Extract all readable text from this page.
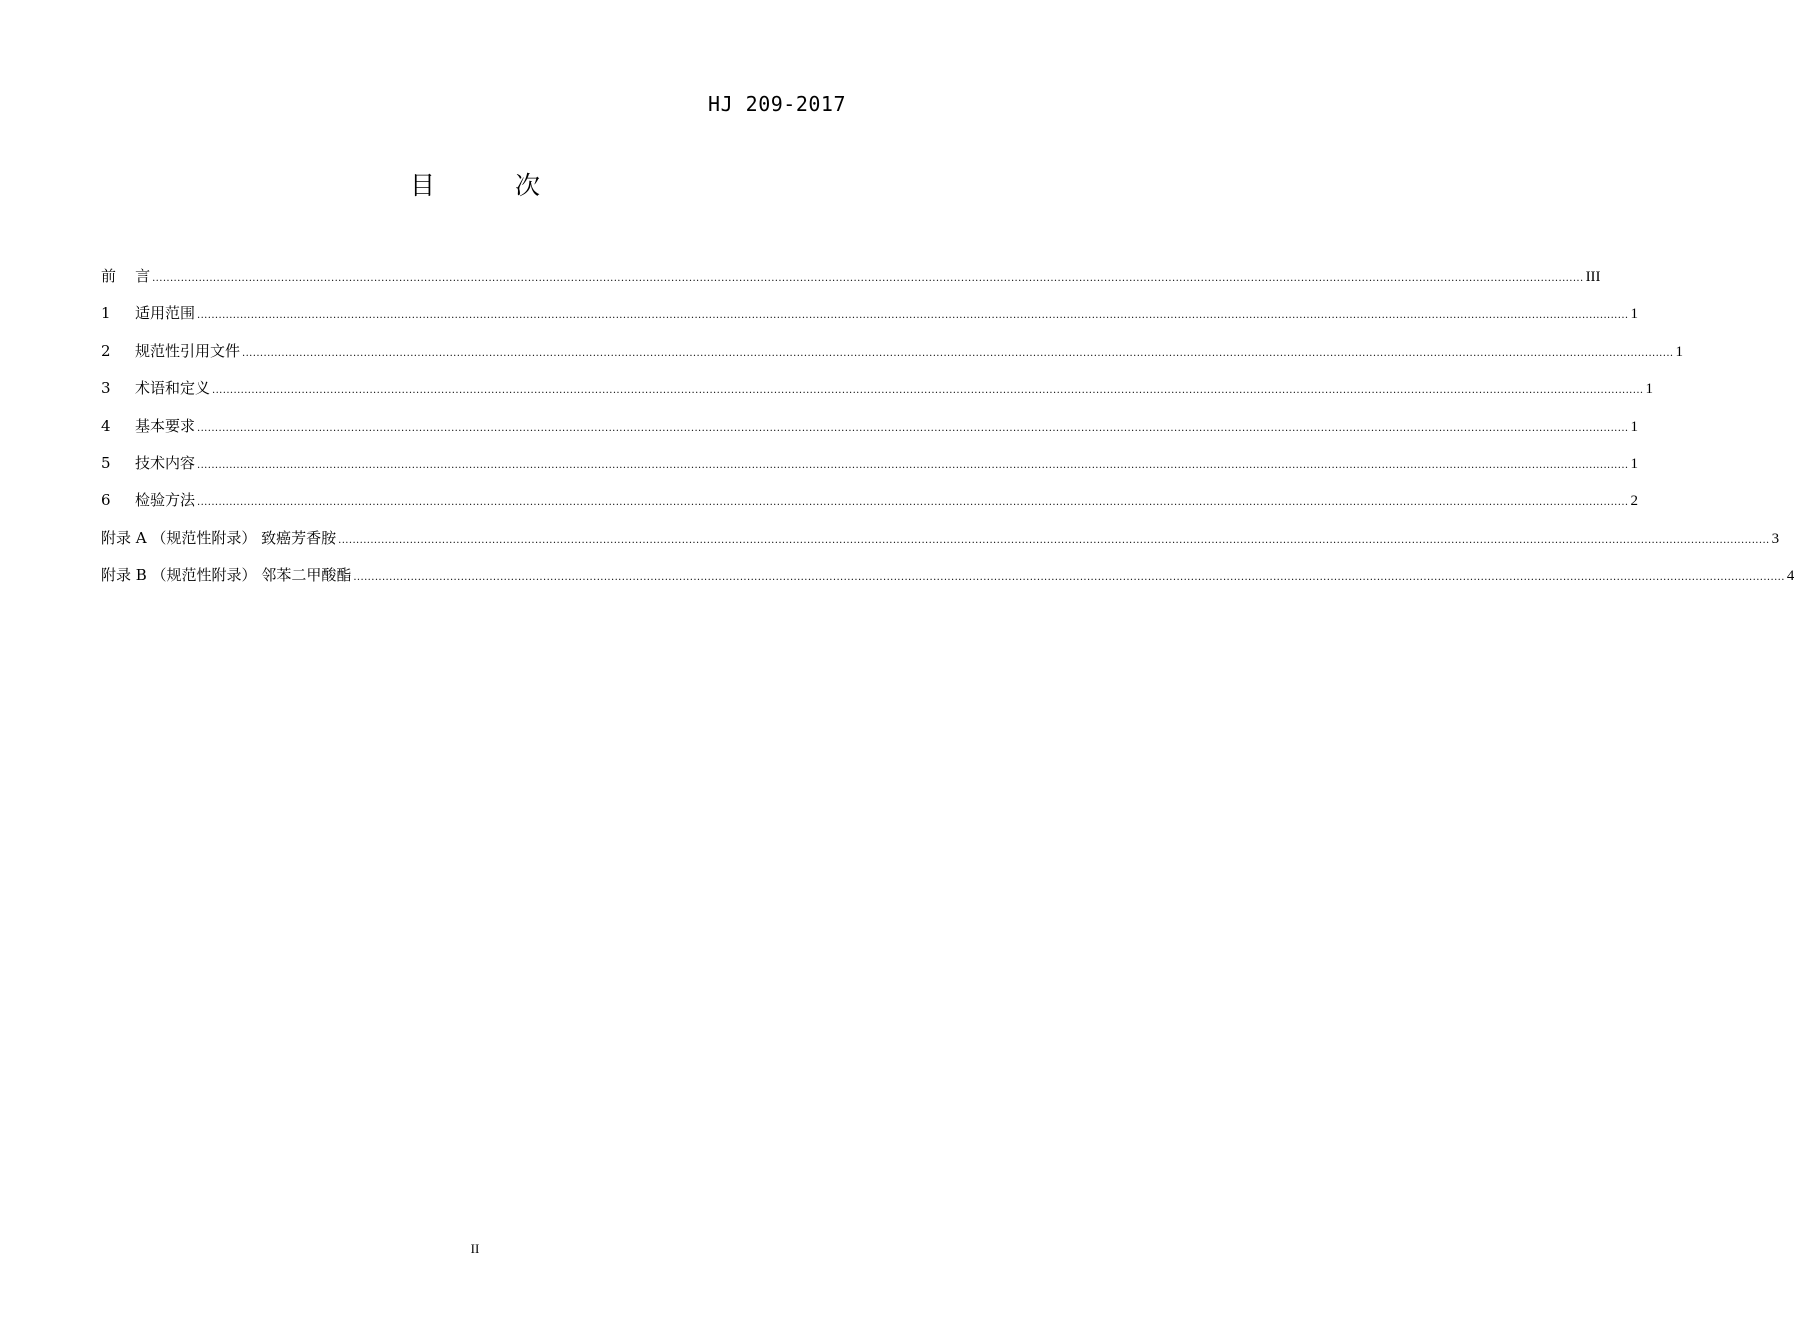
HJ 209-2017
目 次
前    言 ................................................................................................................................................................................................................................................................................................................................................................................................................ III
1	适用范围 ................................................................................................................................................................................................................................................................................................................................................................................................................ 1
2	规范性引用文件 ................................................................................................................................................................................................................................................................................................................................................................................................................ 1
3	术语和定义 ................................................................................................................................................................................................................................................................................................................................................................................................................ 1
4	基本要求 ................................................................................................................................................................................................................................................................................................................................................................................................................ 1
5	技术内容 ................................................................................................................................................................................................................................................................................................................................................................................................................ 1
6	检验方法 ................................................................................................................................................................................................................................................................................................................................................................................................................ 2
附录 A （规范性附录） 致癌芳香胺 ................................................................................................................................................................................................................................................................................................................................................................................................................ 3
附录 B （规范性附录） 邻苯二甲酸酯 ................................................................................................................................................................................................................................................................................................................................................................................................................ 4
II
